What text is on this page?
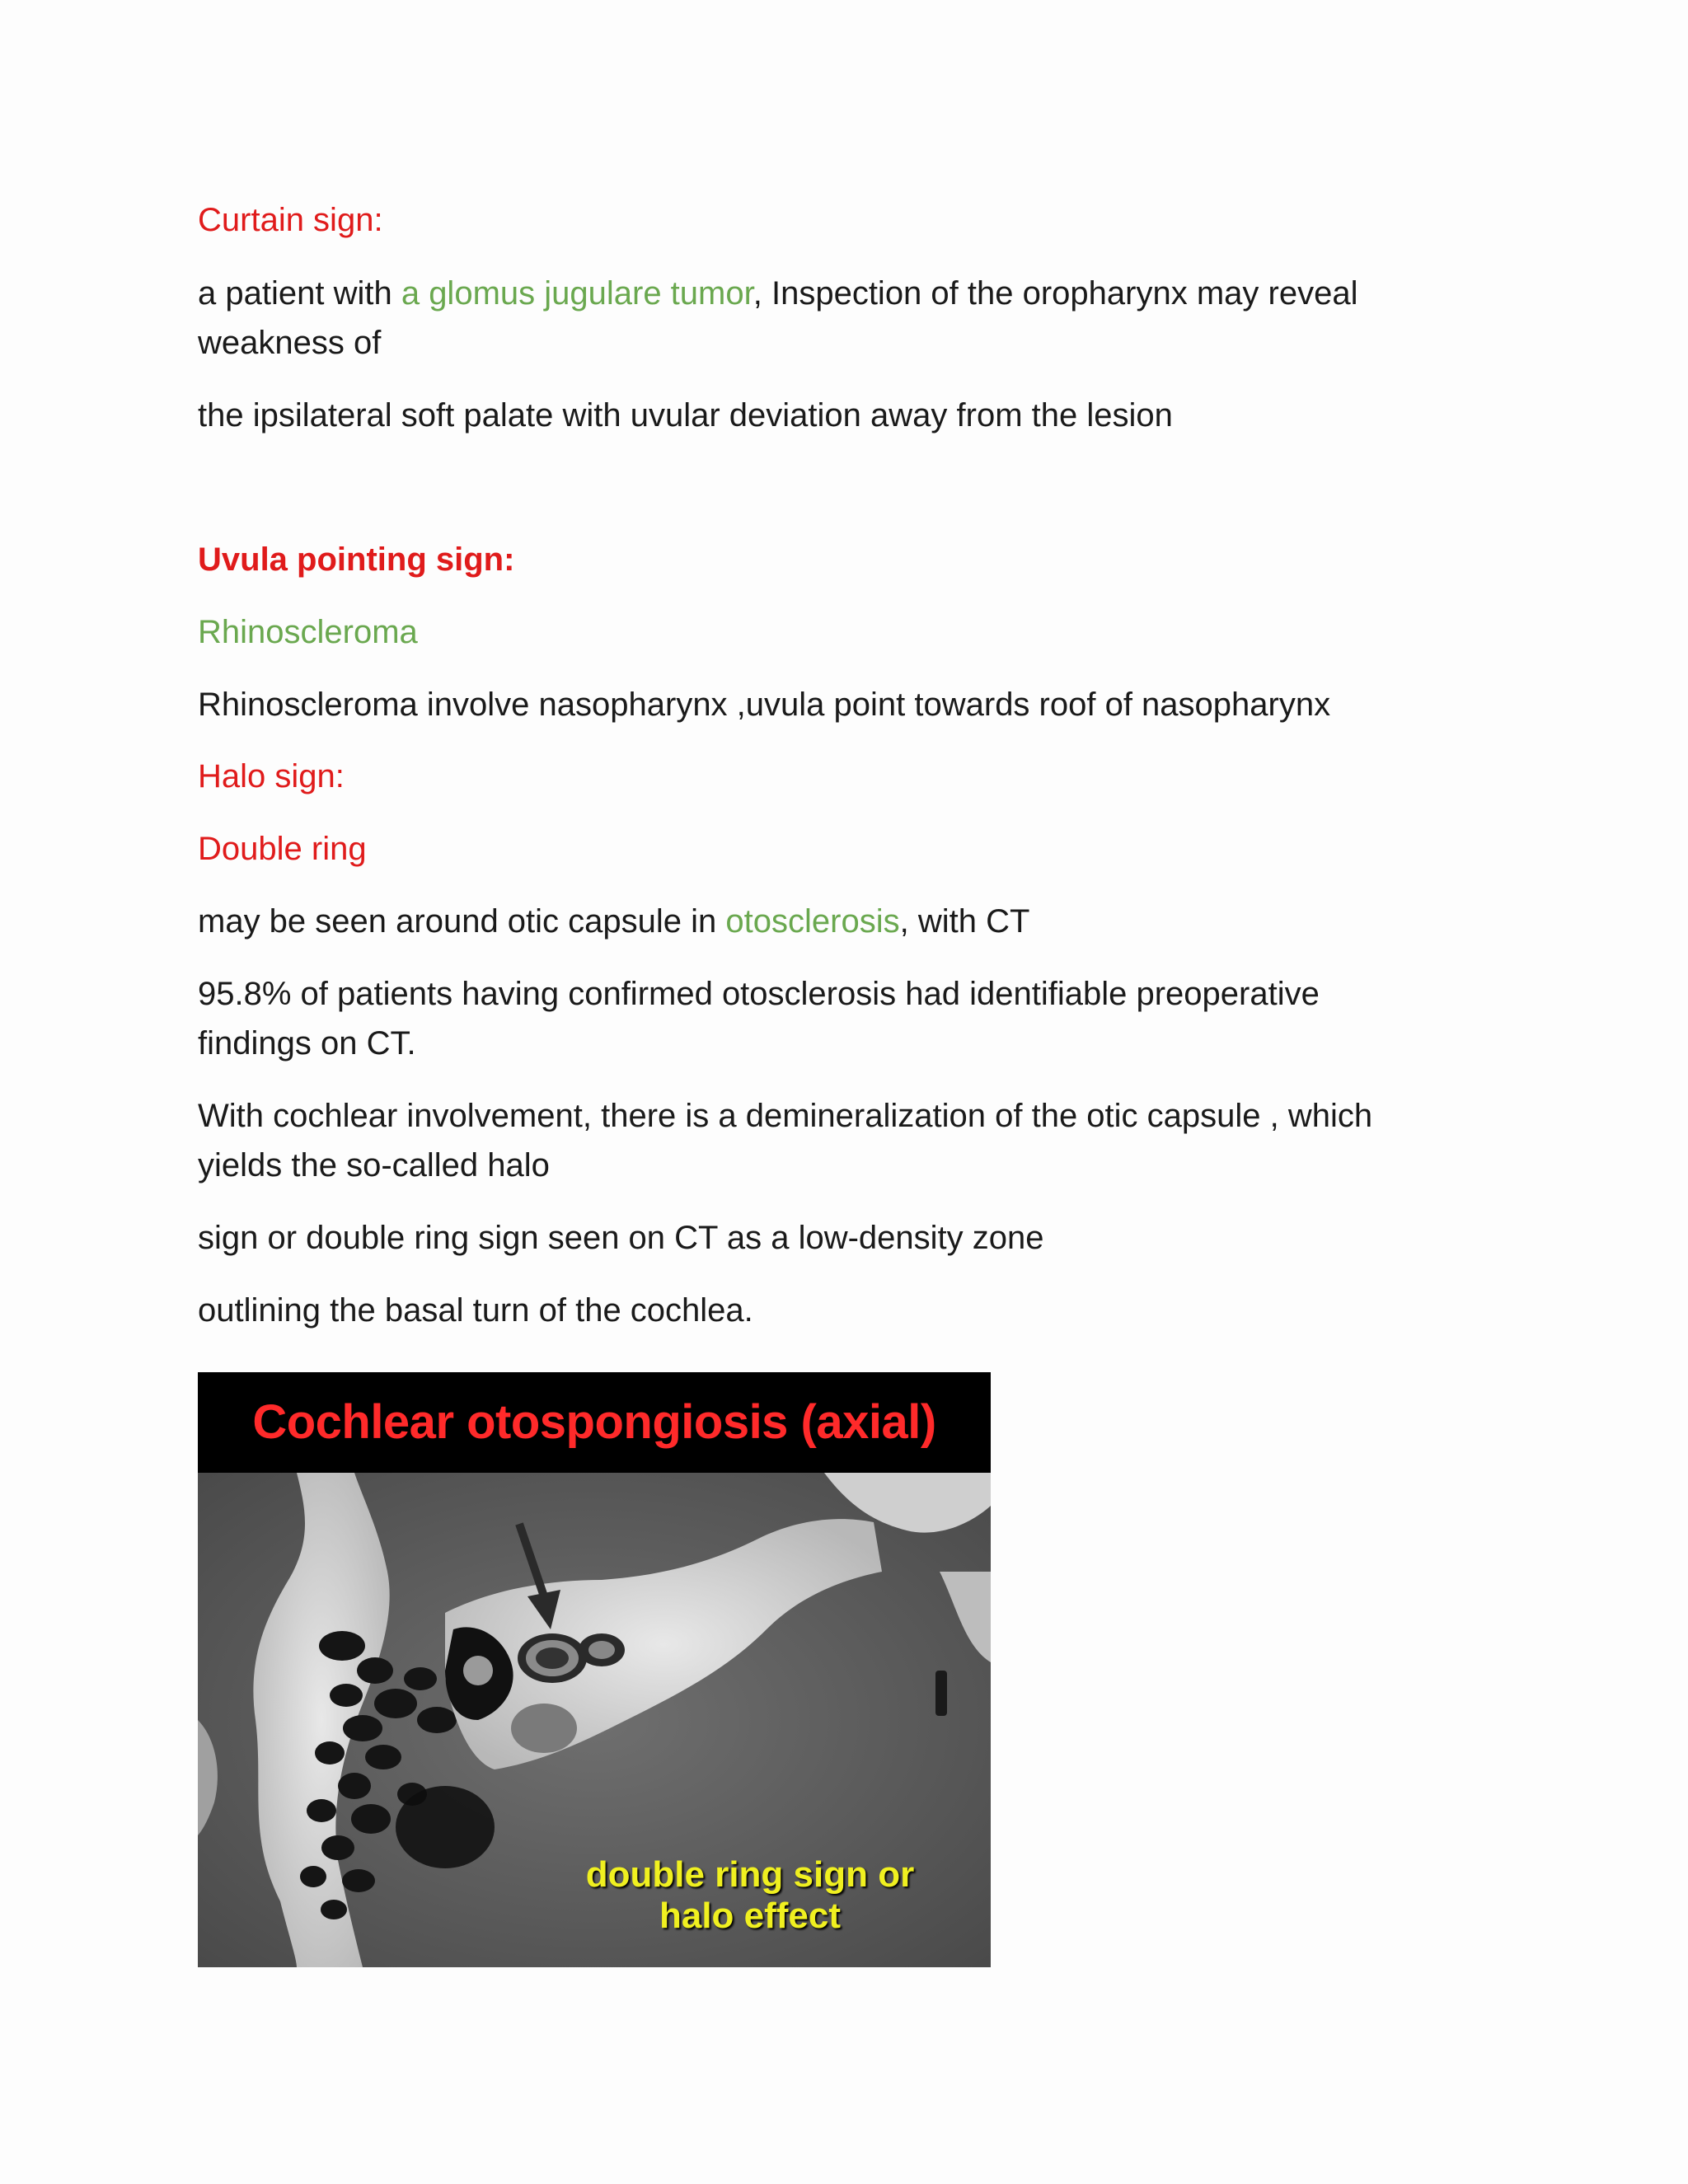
Curtain sign:
a patient with a glomus jugulare tumor, Inspection of the oropharynx may reveal
weakness of
the ipsilateral soft palate with uvular deviation away from the lesion
Uvula pointing sign:
Rhinoscleroma
Rhinoscleroma involve nasopharynx ,uvula point towards roof of nasopharynx
Halo sign:
Double ring
may be seen around otic capsule in otosclerosis, with CT
95.8% of patients having confirmed otosclerosis had identifiable preoperative
findings on CT.
With cochlear involvement, there is a demineralization of the otic capsule , which
yields the so-called halo
sign or double ring sign seen on CT as a low-density zone
outlining the basal turn of the cochlea.
Cochlear otospongiosis (axial)
double ring sign or
halo effect
